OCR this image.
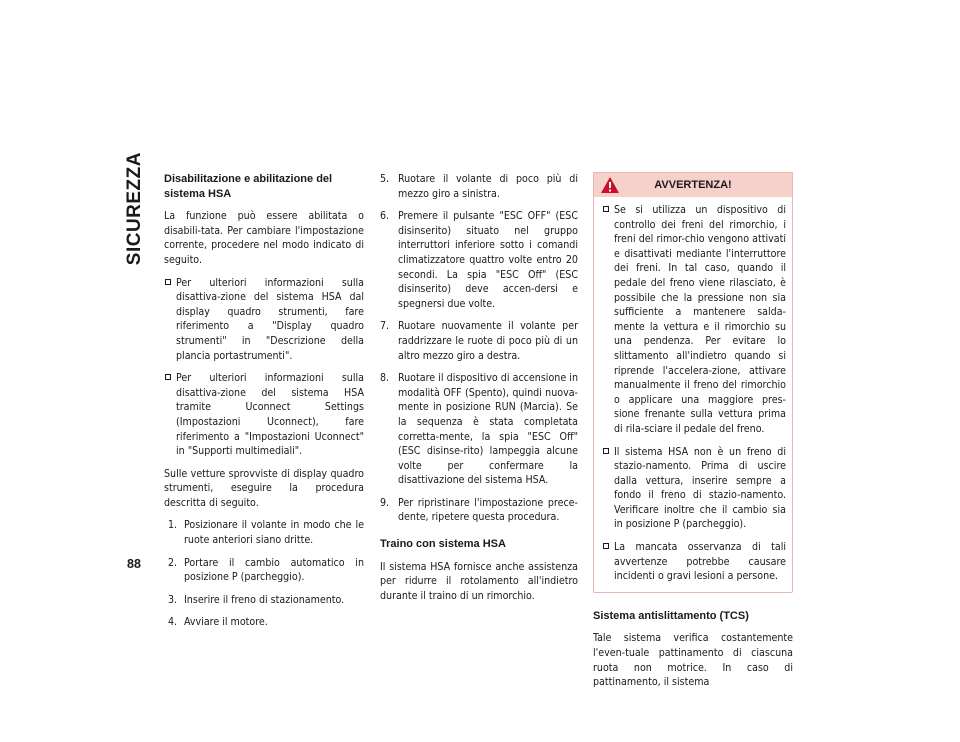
SICUREZZA
88
Disabilitazione e abilitazione del sistema HSA

La funzione può essere abilitata o disabili-tata. Per cambiare l'impostazione corrente, procedere nel modo indicato di seguito.

Per ulteriori informazioni sulla disattiva-zione del sistema HSA dal display quadro strumenti, fare riferimento a "Display quadro strumenti" in "Descrizione della plancia portastrumenti".
Per ulteriori informazioni sulla disattiva-zione del sistema HSA tramite Uconnect Settings (Impostazioni Uconnect), fare riferimento a "Impostazioni Uconnect" in "Supporti multimediali".

Sulle vetture sprovviste di display quadro strumenti, eseguire la procedura descritta di seguito.

1. Posizionare il volante in modo che le ruote anteriori siano dritte.
2. Portare il cambio automatico in posizione P (parcheggio).
3. Inserire il freno di stazionamento.
4. Avviare il motore.
5. Ruotare il volante di poco più di mezzo giro a sinistra.
6. Premere il pulsante "ESC OFF" (ESC disinserito) situato nel gruppo interruttori inferiore sotto i comandi climatizzatore quattro volte entro 20 secondi. La spia "ESC Off" (ESC disinserito) deve accen-dersi e spegnersi due volte.
7. Ruotare nuovamente il volante per raddrizzare le ruote di poco più di un altro mezzo giro a destra.
8. Ruotare il dispositivo di accensione in modalità OFF (Spento), quindi nuova-mente in posizione RUN (Marcia). Se la sequenza è stata completata corretta-mente, la spia "ESC Off" (ESC disinse-rito) lampeggia alcune volte per confermare la disattivazione del sistema HSA.
9. Per ripristinare l'impostazione prece-dente, ripetere questa procedura.
Traino con sistema HSA

Il sistema HSA fornisce anche assistenza per ridurre il rotolamento all'indietro durante il traino di un rimorchio.

AVVERTENZA!
Se si utilizza un dispositivo di controllo dei freni del rimorchio, i freni del rimor-chio vengono attivati e disattivati mediante l'interruttore dei freni. In tal caso, quando il pedale del freno viene rilasciato, è possibile che la pressione non sia sufficiente a mantenere salda-mente la vettura e il rimorchio su una pendenza. Per evitare lo slittamento all'indietro quando si riprende l'accelera-zione, attivare manualmente il freno del rimorchio o applicare una maggiore pres-sione frenante sulla vettura prima di rila-sciare il pedale del freno.
Il sistema HSA non è un freno di stazio-namento. Prima di uscire dalla vettura, inserire sempre a fondo il freno di stazio-namento. Verificare inoltre che il cambio sia in posizione P (parcheggio).
La mancata osservanza di tali avvertenze potrebbe causare incidenti o gravi lesioni a persone.
Sistema antislittamento (TCS)

Tale sistema verifica costantemente l'even-tuale pattinamento di ciascuna ruota non motrice. In caso di pattinamento, il sistema
